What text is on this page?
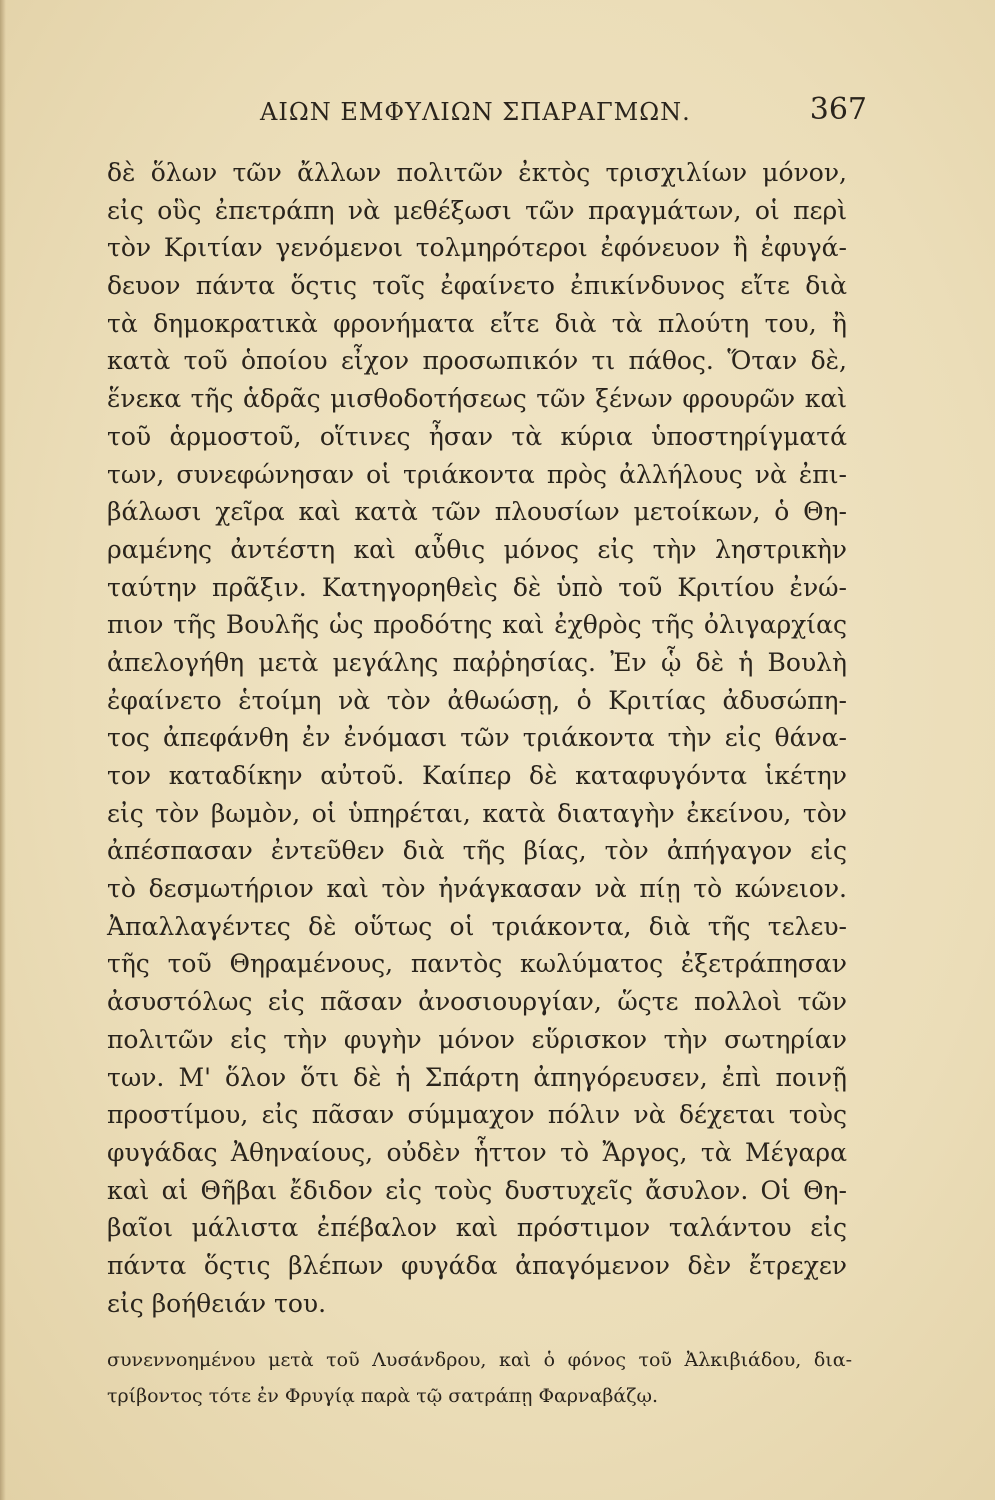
ΑΙΩΝ ΕΜΦΥΛΙΩΝ ΣΠΑΡΑΓΜΩΝ.	367
δὲ ὅλων τῶν ἄλλων πολιτῶν ἐκτὸς τρισχιλίων μόνον,
εἰς οὓς ἐπετράπη νὰ μεθέξωσι τῶν πραγμάτων, οἱ περὶ
τὸν Κριτίαν γενόμενοι τολμηρότεροι ἐφόνευον ἢ ἐφυγά-
δευον πάντα ὅςτις τοῖς ἐφαίνετο ἐπικίνδυνος εἴτε διὰ
τὰ δημοκρατικὰ φρονήματα εἴτε διὰ τὰ πλούτη του, ἢ
κατὰ τοῦ ὁποίου εἶχον προσωπικόν τι πάθος. Ὅταν δὲ,
ἕνεκα τῆς ἁδρᾶς μισθοδοτήσεως τῶν ξένων φρουρῶν καὶ
τοῦ ἁρμοστοῦ, οἵτινες ἦσαν τὰ κύρια ὑποστηρίγματά
των, συνεφώνησαν οἱ τριάκοντα πρὸς ἀλλήλους νὰ ἐπι-
βάλωσι χεῖρα καὶ κατὰ τῶν πλουσίων μετοίκων, ὁ Θη-
ραμένης ἀντέστη καὶ αὖθις μόνος εἰς τὴν ληστρικὴν
ταύτην πρᾶξιν. Κατηγορηθεὶς δὲ ὑπὸ τοῦ Κριτίου ἐνώ-
πιον τῆς Βουλῆς ὡς προδότης καὶ ἐχθρὸς τῆς ὀλιγαρχίας
ἀπελογήθη μετὰ μεγάλης παῤῥησίας. Ἐν ᾧ δὲ ἡ Βουλὴ
ἐφαίνετο ἑτοίμη νὰ τὸν ἀθωώσῃ, ὁ Κριτίας ἀδυσώπη-
τος ἀπεφάνθη ἐν ἐνόμασι τῶν τριάκοντα τὴν εἰς θάνα-
τον καταδίκην αὐτοῦ. Καίπερ δὲ καταφυγόντα ἱκέτην
εἰς τὸν βωμὸν, οἱ ὑπηρέται, κατὰ διαταγὴν ἐκείνου, τὸν
ἀπέσπασαν ἐντεῦθεν διὰ τῆς βίας, τὸν ἀπήγαγον εἰς
τὸ δεσμωτήριον καὶ τὸν ἠνάγκασαν νὰ πίῃ τὸ κώνειον.
Ἀπαλλαγέντες δὲ οὕτως οἱ τριάκοντα, διὰ τῆς τελευ-
τῆς τοῦ Θηραμένους, παντὸς κωλύματος ἐξετράπησαν
ἀσυστόλως εἰς πᾶσαν ἀνοσιουργίαν, ὥςτε πολλοὶ τῶν
πολιτῶν εἰς τὴν φυγὴν μόνον εὕρισκον τὴν σωτηρίαν
των. Μ' ὅλον ὅτι δὲ ἡ Σπάρτη ἀπηγόρευσεν, ἐπὶ ποινῇ
προστίμου, εἰς πᾶσαν σύμμαχον πόλιν νὰ δέχεται τοὺς
φυγάδας Ἀθηναίους, οὐδὲν ἧττον τὸ Ἄργος, τὰ Μέγαρα
καὶ αἱ Θῆβαι ἔδιδον εἰς τοὺς δυστυχεῖς ἄσυλον. Οἱ Θη-
βαῖοι μάλιστα ἐπέβαλον καὶ πρόστιμον ταλάντου εἰς
πάντα ὅςτις βλέπων φυγάδα ἀπαγόμενον δὲν ἔτρεχεν
εἰς βοήθειάν του.
συνεννοημένου μετὰ τοῦ Λυσάνδρου, καὶ ὁ φόνος τοῦ Ἀλκιβιάδου, δια-
τρίβοντος τότε ἐν Φρυγίᾳ παρὰ τῷ σατράπῃ Φαρναβάζῳ.
